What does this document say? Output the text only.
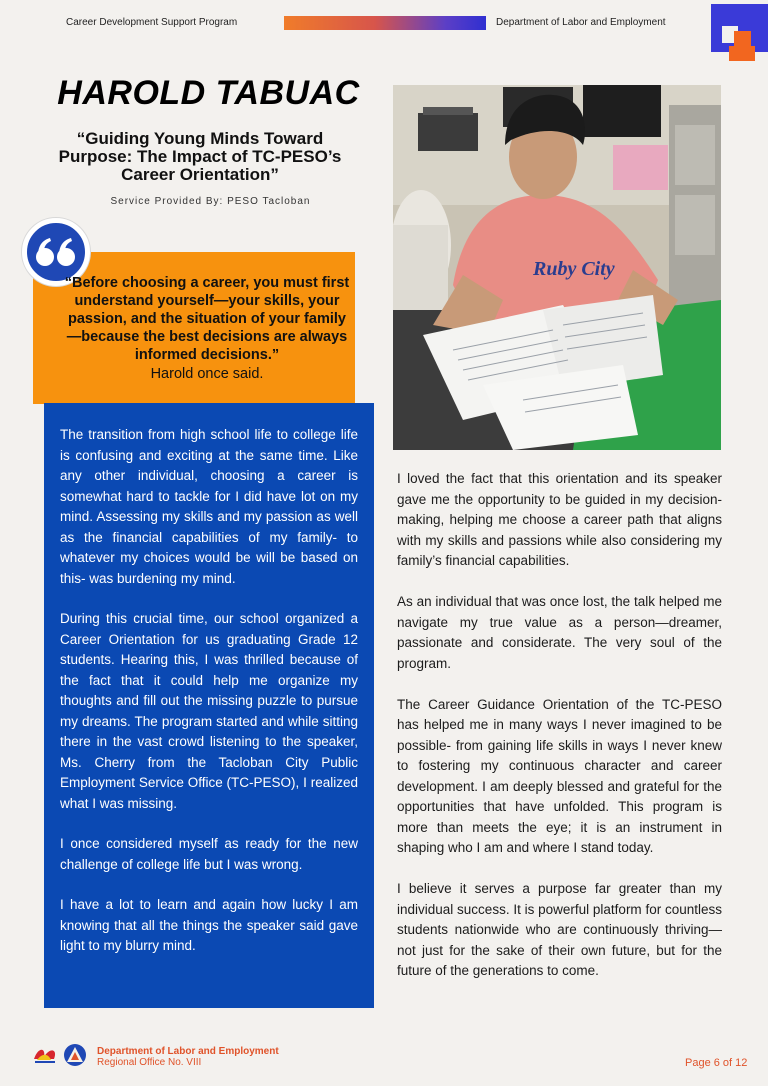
Career Development Support Program	Department of Labor and Employment
HAROLD TABUAC
“Guiding Young Minds Toward Purpose: The Impact of TC-PESO’s Career Orientation”
Service Provided By: PESO Tacloban
“Before choosing a career, you must first understand yourself—your skills, your passion, and the situation of your family—because the best decisions are always informed decisions.”
Harold once said.

The transition from high school life to college life is confusing and exciting at the same time. Like any other individual, choosing a career is somewhat hard to tackle for I did have lot on my mind. Assessing my skills and my passion as well as the financial capabilities of my family- to whatever my choices would be will be based on this- was burdening my mind.

During this crucial time, our school organized a Career Orientation for us graduating Grade 12 students. Hearing this, I was thrilled because of the fact that it could help me organize my thoughts and fill out the missing puzzle to pursue my dreams. The program started and while sitting there in the vast crowd listening to the speaker, Ms. Cherry from the Tacloban City Public Employment Service Office (TC-PESO), I realized what I was missing.

I once considered myself as ready for the new challenge of college life but I was wrong.

I have a lot to learn and again how lucky I am knowing that all the things the speaker said gave light to my blurry mind.

Ruby City

I loved the fact that this orientation and its speaker gave me the opportunity to be guided in my decision-making, helping me choose a career path that aligns with my skills and passions while also considering my family’s financial capabilities.

As an individual that was once lost, the talk helped me navigate my true value as a person—dreamer, passionate and considerate. The very soul of the program.

The Career Guidance Orientation of the TC-PESO has helped me in many ways I never imagined to be possible- from gaining life skills in ways I never knew to fostering my continuous character and career development. I am deeply blessed and grateful for the opportunities that have unfolded. This program is more than meets the eye; it is an instrument in shaping who I am and where I stand today.

I believe it serves a purpose far greater than my individual success. It is powerful platform for countless students nationwide who are continuously thriving—not just for the sake of their own future, but for the future of the generations to come.

Department of Labor and Employment
Regional Office No. VIII	Page 6 of 12
